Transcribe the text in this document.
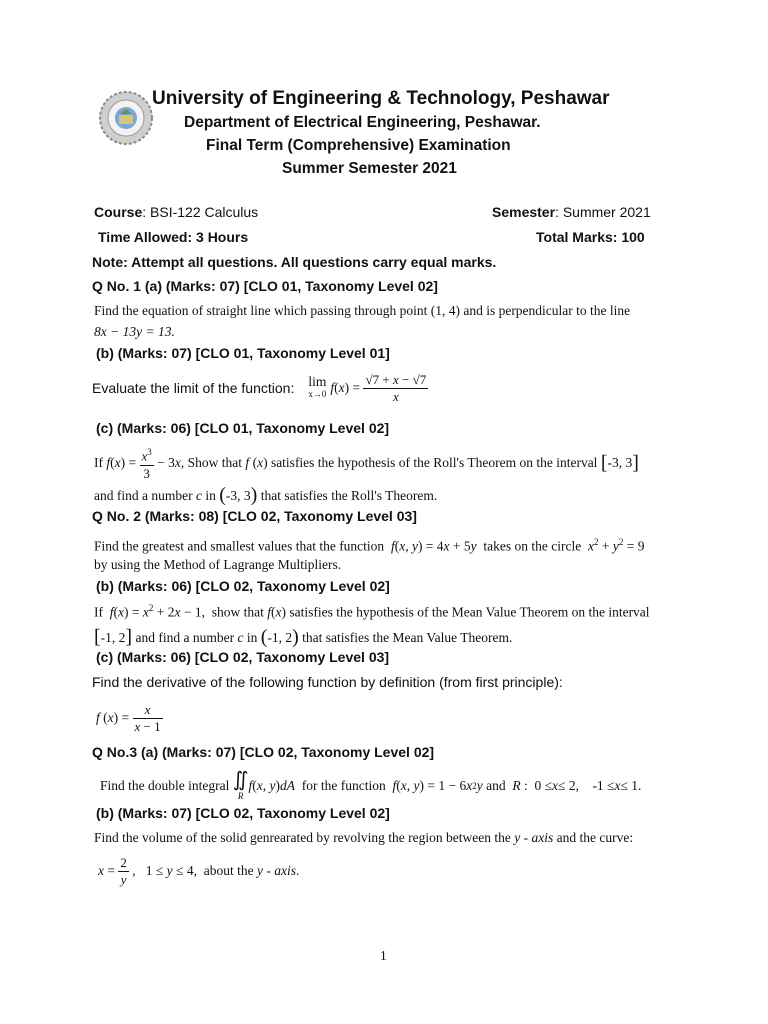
University of Engineering & Technology, Peshawar
Department of Electrical Engineering, Peshawar.
Final Term (Comprehensive) Examination
Summer Semester 2021
Course: BSI-122 Calculus	Semester: Summer 2021
Time Allowed: 3 Hours	Total Marks: 100
Note: Attempt all questions. All questions carry equal marks.
Q No. 1 (a) (Marks: 07) [CLO 01, Taxonomy Level 02]
Find the equation of straight line which passing through point (1, 4) and is perpendicular to the line
8x − 13y = 13.
(b) (Marks: 07) [CLO 01, Taxonomy Level 01]
Evaluate the limit of the function: lim
x→0 f ( x ) = $\frac{√7 + x - √7}{x}$
(c) (Marks: 06) [CLO 01, Taxonomy Level 02]
If
f ( x ) = $\frac{x^3}{3} - 3$ x , Show that
f ( x ) satisfies the hypothesis of the Roll's Theorem on the interval
[ -3, 3 ]
and find a number
c
in
( -3, 3 )
that satisfies the Roll's Theorem.
Q No. 2 (Marks: 08) [CLO 02, Taxonomy Level 03]
Find the greatest and smallest values that the function f(x, y) = 4x + 5y takes on the circle $x^2 + y^2 = 9$
by using the Method of Lagrange Multipliers.
(b) (Marks: 06) [CLO 02, Taxonomy Level 02]
If $f(x) = x^2 + 2x - 1$,  show that f(x) satisfies the hypothesis of the Mean Value Theorem on the interval
[ -1, 2 ]
and find a number
c
in
( -1, 2 )
that satisfies the Mean Value Theorem.
(c) (Marks: 06) [CLO 02, Taxonomy Level 03]
Find the derivative of the following function by definition (from first principle):
f ( x ) = $\frac{x}{x - 1}$
Q No.3 (a) (Marks: 07) [CLO 02, Taxonomy Level 02]
Find the double integral
∬
R
f ( x, y ) dA
for the function
f ( x, y ) = 1 − 6 x 2 y
and
R :  0 ≤ x ≤ 2,    -1 ≤ x ≤ 1.
(b) (Marks: 07) [CLO 02, Taxonomy Level 02]
Find the volume of the solid genrearated by revolving the region between the y - axis and the curve:
$x = \frac{2}{y}$ ,   1 ≤ y ≤ 4, about the
y - axis .
1
